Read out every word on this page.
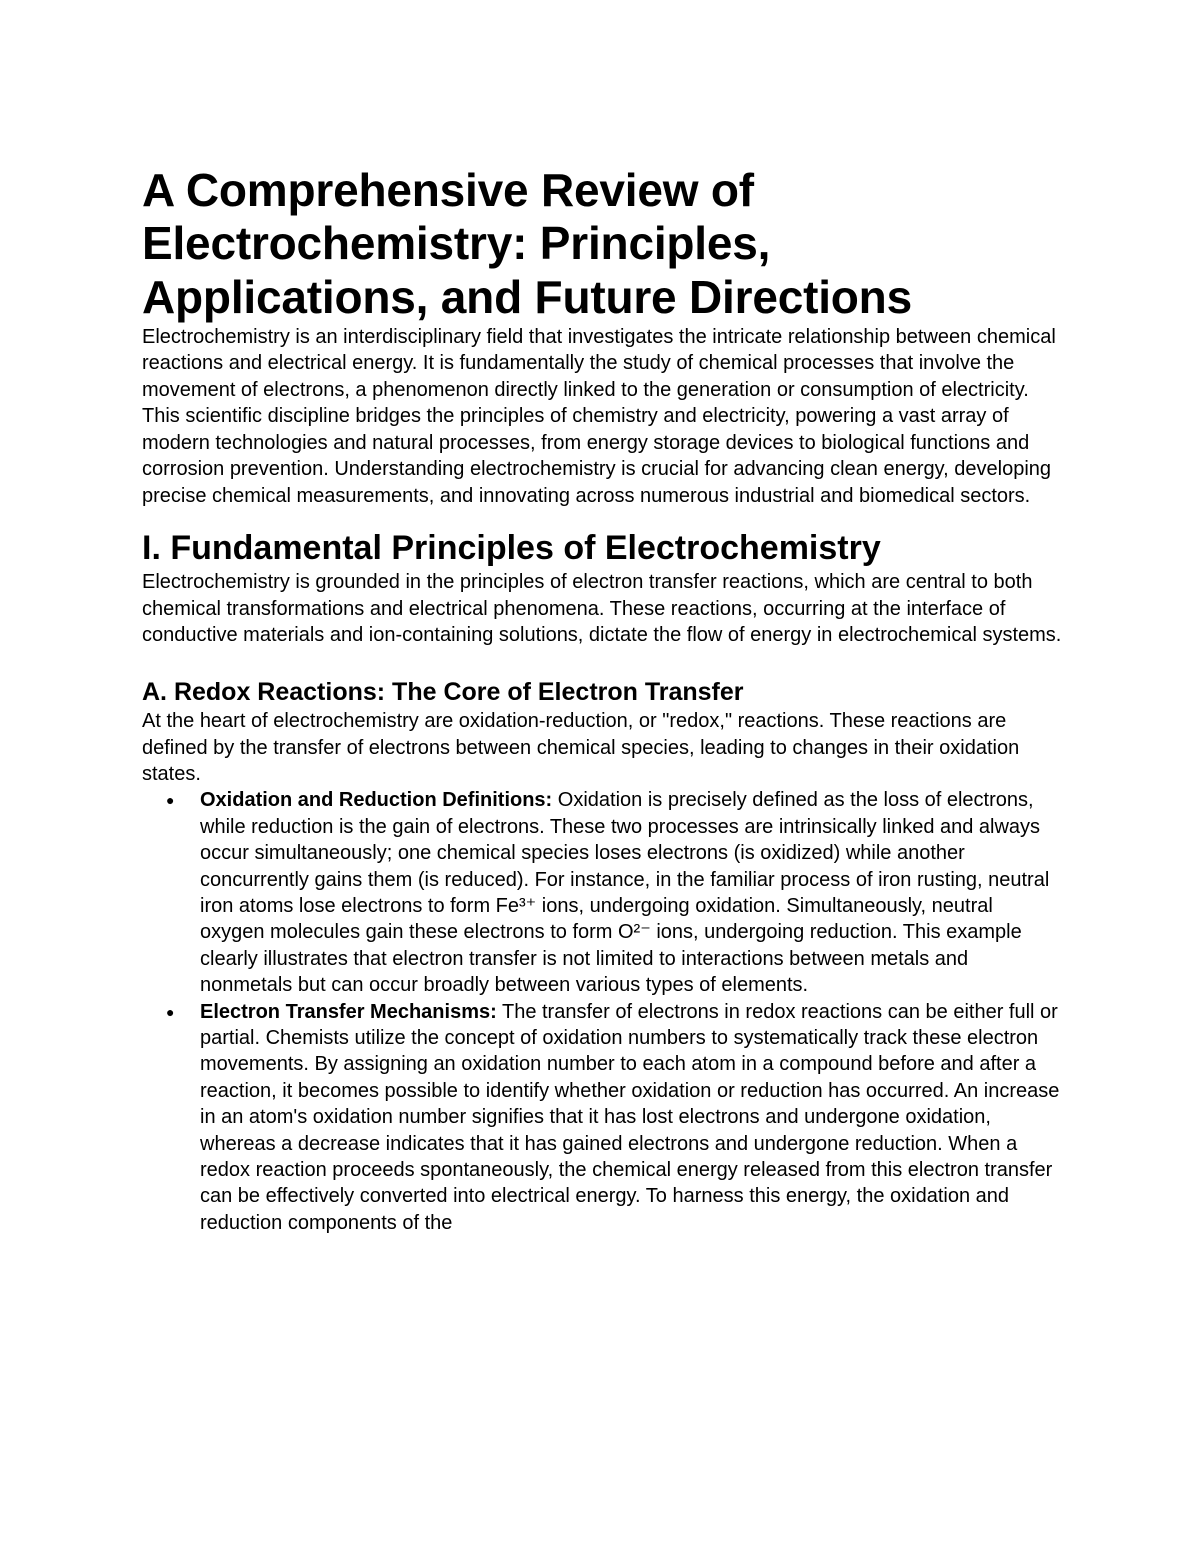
A Comprehensive Review of Electrochemistry: Principles, Applications, and Future Directions

Electrochemistry is an interdisciplinary field that investigates the intricate relationship between chemical reactions and electrical energy. It is fundamentally the study of chemical processes that involve the movement of electrons, a phenomenon directly linked to the generation or consumption of electricity. This scientific discipline bridges the principles of chemistry and electricity, powering a vast array of modern technologies and natural processes, from energy storage devices to biological functions and corrosion prevention. Understanding electrochemistry is crucial for advancing clean energy, developing precise chemical measurements, and innovating across numerous industrial and biomedical sectors.

I. Fundamental Principles of Electrochemistry

Electrochemistry is grounded in the principles of electron transfer reactions, which are central to both chemical transformations and electrical phenomena. These reactions, occurring at the interface of conductive materials and ion-containing solutions, dictate the flow of energy in electrochemical systems.

A. Redox Reactions: The Core of Electron Transfer

At the heart of electrochemistry are oxidation-reduction, or "redox," reactions. These reactions are defined by the transfer of electrons between chemical species, leading to changes in their oxidation states.

● Oxidation and Reduction Definitions: Oxidation is precisely defined as the loss of electrons, while reduction is the gain of electrons. These two processes are intrinsically linked and always occur simultaneously; one chemical species loses electrons (is oxidized) while another concurrently gains them (is reduced). For instance, in the familiar process of iron rusting, neutral iron atoms lose electrons to form Fe³⁺ ions, undergoing oxidation. Simultaneously, neutral oxygen molecules gain these electrons to form O²⁻ ions, undergoing reduction. This example clearly illustrates that electron transfer is not limited to interactions between metals and nonmetals but can occur broadly between various types of elements.
● Electron Transfer Mechanisms: The transfer of electrons in redox reactions can be either full or partial. Chemists utilize the concept of oxidation numbers to systematically track these electron movements. By assigning an oxidation number to each atom in a compound before and after a reaction, it becomes possible to identify whether oxidation or reduction has occurred. An increase in an atom's oxidation number signifies that it has lost electrons and undergone oxidation, whereas a decrease indicates that it has gained electrons and undergone reduction. When a redox reaction proceeds spontaneously, the chemical energy released from this electron transfer can be effectively converted into electrical energy. To harness this energy, the oxidation and reduction components of the
